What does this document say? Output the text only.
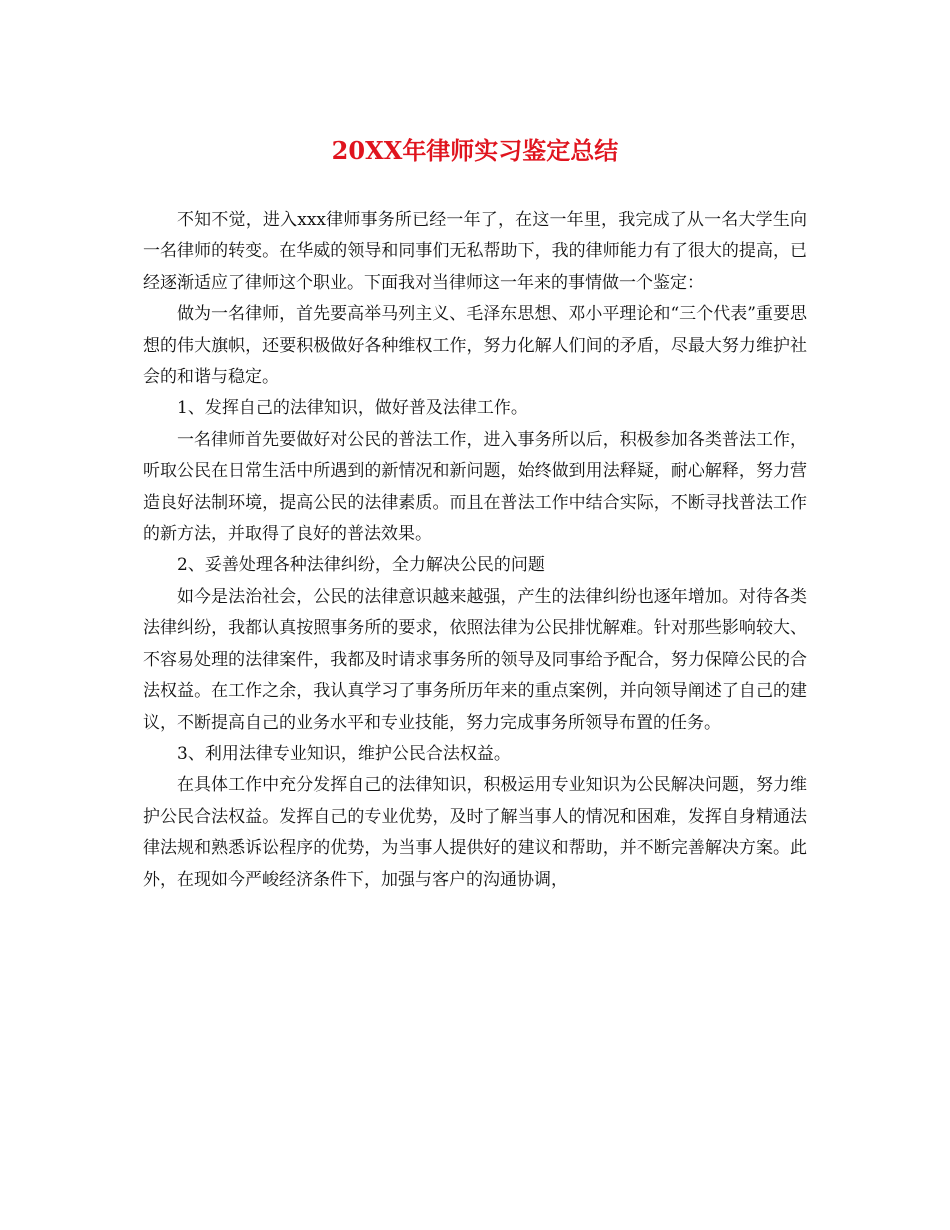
20XX年律师实习鉴定总结

不知不觉，进入xxx律师事务所已经一年了，在这一年里，我完成了从一名大学生向一名律师的转变。在华威的领导和同事们无私帮助下，我的律师能力有了很大的提高，已经逐渐适应了律师这个职业。下面我对当律师这一年来的事情做一个鉴定：

做为一名律师，首先要高举马列主义、毛泽东思想、邓小平理论和“三个代表”重要思想的伟大旗帜，还要积极做好各种维权工作，努力化解人们间的矛盾，尽最大努力维护社会的和谐与稳定。

1、发挥自己的法律知识，做好普及法律工作。

一名律师首先要做好对公民的普法工作，进入事务所以后，积极参加各类普法工作，听取公民在日常生活中所遇到的新情况和新问题，始终做到用法释疑，耐心解释，努力营造良好法制环境，提高公民的法律素质。而且在普法工作中结合实际，不断寻找普法工作的新方法，并取得了良好的普法效果。

2、妥善处理各种法律纠纷，全力解决公民的问题

如今是法治社会，公民的法律意识越来越强，产生的法律纠纷也逐年增加。对待各类法律纠纷，我都认真按照事务所的要求，依照法律为公民排忧解难。针对那些影响较大、不容易处理的法律案件，我都及时请求事务所的领导及同事给予配合，努力保障公民的合法权益。在工作之余，我认真学习了事务所历年来的重点案例，并向领导阐述了自己的建议，不断提高自己的业务水平和专业技能，努力完成事务所领导布置的任务。

3、利用法律专业知识，维护公民合法权益。

在具体工作中充分发挥自己的法律知识，积极运用专业知识为公民解决问题，努力维护公民合法权益。发挥自己的专业优势，及时了解当事人的情况和困难，发挥自身精通法律法规和熟悉诉讼程序的优势，为当事人提供好的建议和帮助，并不断完善解决方案。此外，在现如今严峻经济条件下，加强与客户的沟通协调，
